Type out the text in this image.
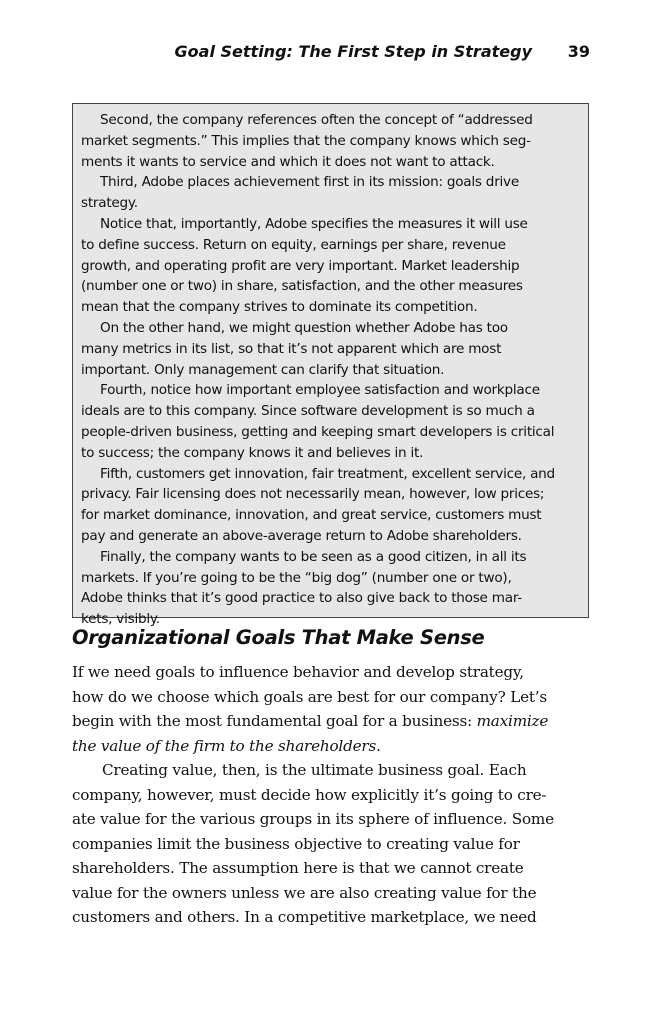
Goal Setting: The First Step in Strategy 39
Second, the company references often the concept of “addressed
market segments.” This implies that the company knows which seg-
ments it wants to service and which it does not want to attack.
Third, Adobe places achievement first in its mission: goals drive
strategy.
Notice that, importantly, Adobe specifies the measures it will use
to define success. Return on equity, earnings per share, revenue
growth, and operating profit are very important. Market leadership
(number one or two) in share, satisfaction, and the other measures
mean that the company strives to dominate its competition.
On the other hand, we might question whether Adobe has too
many metrics in its list, so that it’s not apparent which are most
important. Only management can clarify that situation.
Fourth, notice how important employee satisfaction and workplace
ideals are to this company. Since software development is so much a
people-driven business, getting and keeping smart developers is critical
to success; the company knows it and believes in it.
Fifth, customers get innovation, fair treatment, excellent service, and
privacy. Fair licensing does not necessarily mean, however, low prices;
for market dominance, innovation, and great service, customers must
pay and generate an above-average return to Adobe shareholders.
Finally, the company wants to be seen as a good citizen, in all its
markets. If you’re going to be the “big dog” (number one or two),
Adobe thinks that it’s good practice to also give back to those mar-
kets, visibly.
Organizational Goals That Make Sense
If we need goals to influence behavior and develop strategy,
how do we choose which goals are best for our company? Let’s
begin with the most fundamental goal for a business: maximize
the value of the firm to the shareholders.
Creating value, then, is the ultimate business goal. Each
company, however, must decide how explicitly it’s going to cre-
ate value for the various groups in its sphere of influence. Some
companies limit the business objective to creating value for
shareholders. The assumption here is that we cannot create
value for the owners unless we are also creating value for the
customers and others. In a competitive marketplace, we need
